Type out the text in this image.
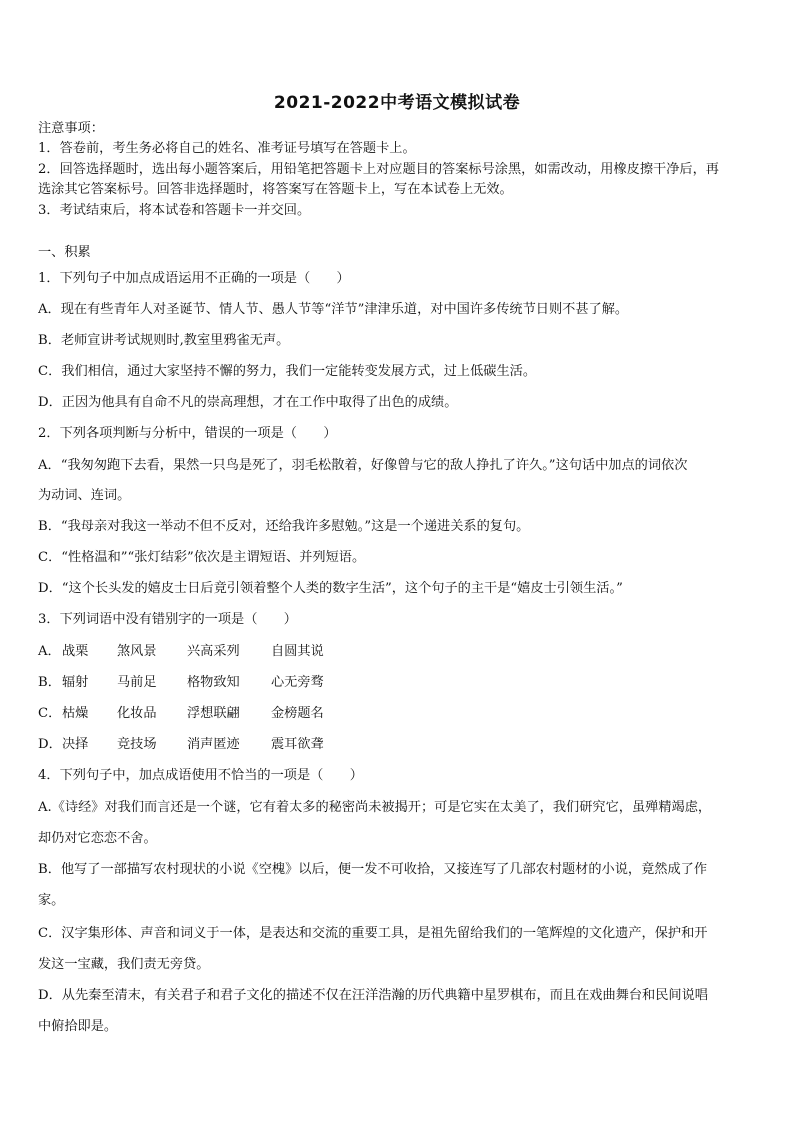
2021-2022中考语文模拟试卷
注意事项：
1．答卷前，考生务必将自己的姓名、准考证号填写在答题卡上。
2．回答选择题时，选出每小题答案后，用铅笔把答题卡上对应题目的答案标号涂黑，如需改动，用橡皮擦干净后，再
选涂其它答案标号。回答非选择题时，将答案写在答题卡上，写在本试卷上无效。
3．考试结束后，将本试卷和答题卡一并交回。
一、积累
1．下列句子中加点成语运用不正确的一项是（　　）
A．现在有些青年人对圣诞节、情人节、愚人节等“洋节”津津乐道，对中国许多传统节日则不甚了解。
B．老师宣讲考试规则时,教室里鸦雀无声。
C．我们相信，通过大家坚持不懈的努力，我们一定能转变发展方式，过上低碳生活。
D．正因为他具有自命不凡的崇高理想，才在工作中取得了出色的成绩。
2．下列各项判断与分析中，错误的一项是（　　）
A．“我匆匆跑下去看，果然一只鸟是死了，羽毛松散着，好像曾与它的敌人挣扎了许久。”这句话中加点的词依次
为动词、连词。
B．“我母亲对我这一举动不但不反对，还给我许多慰勉。”这是一个递进关系的复句。
C．“性格温和”“张灯结彩”依次是主谓短语、并列短语。
D．“这个长头发的嬉皮士日后竟引领着整个人类的数字生活”，这个句子的主干是“嬉皮士引领生活。”
3．下列词语中没有错别字的一项是（　　）
A． 战栗 煞风景 兴高采列 自圆其说
B． 辐射 马前足 格物致知 心无旁骛
C． 枯燥 化妆品 浮想联翩 金榜题名
D． 决择 竞技场 消声匿迹 震耳欲聋
4．下列句子中，加点成语使用不恰当的一项是（　　）
A.《诗经》对我们而言还是一个谜，它有着太多的秘密尚未被揭开；可是它实在太美了，我们研究它，虽殚精竭虑，
却仍对它恋恋不舍。
B．他写了一部描写农村现状的小说《空槐》以后，便一发不可收拾，又接连写了几部农村题材的小说，竟然成了作
家。
C．汉字集形体、声音和词义于一体，是表达和交流的重要工具，是祖先留给我们的一笔辉煌的文化遗产，保护和开
发这一宝藏，我们责无旁贷。
D．从先秦至清末，有关君子和君子文化的描述不仅在汪洋浩瀚的历代典籍中星罗棋布，而且在戏曲舞台和民间说唱
中俯拾即是。
